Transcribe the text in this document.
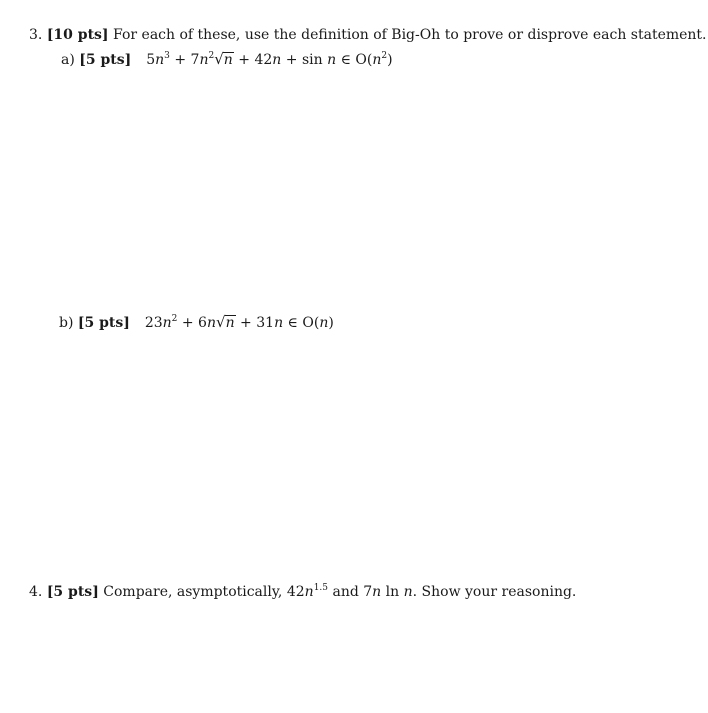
3. [10 pts] For each of these, use the definition of Big-Oh to prove or disprove each statement.
a) [5 pts] $5n^3 + 7n^2√n + 42n + \sin n$ ∈ $O(n^2)$
b) [5 pts] $23n^2 + 6n√n + 31n$ ∈ O(n)
4. [5 pts] Compare, asymptotically, $42n^{1.5}$ and 7n ln n. Show your reasoning.
